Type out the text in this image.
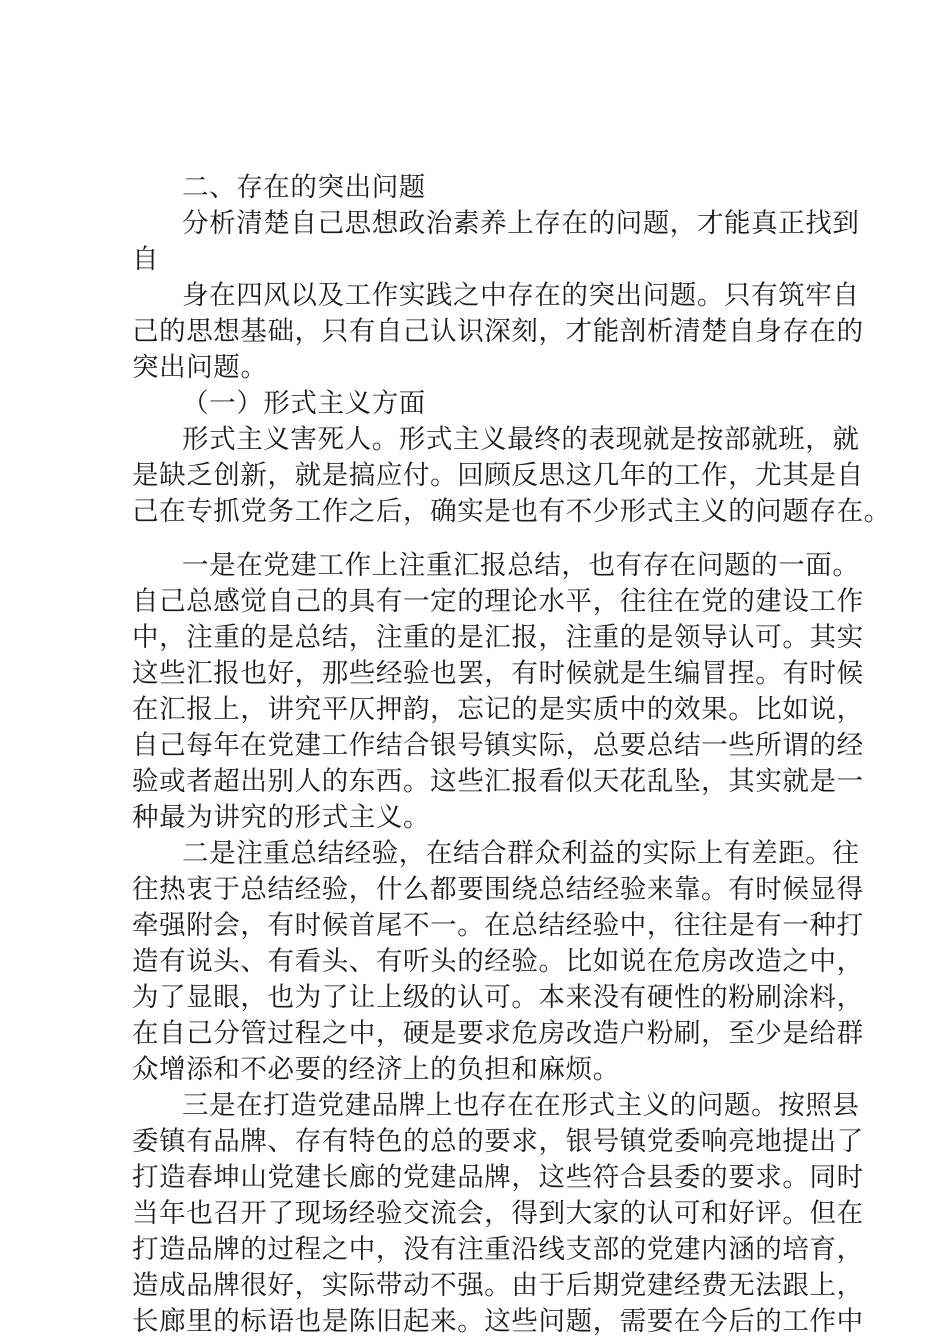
二、存在的突出问题
分析清楚自己思想政治素养上存在的问题，才能真正找到
自
身在四风以及工作实践之中存在的突出问题。只有筑牢自
己的思想基础，只有自己认识深刻，才能剖析清楚自身存在的
突出问题。
（一）形式主义方面
形式主义害死人。形式主义最终的表现就是按部就班，就
是缺乏创新，就是搞应付。回顾反思这几年的工作，尤其是自
己在专抓党务工作之后，确实是也有不少形式主义的问题存在。
一是在党建工作上注重汇报总结，也有存在问题的一面。
自己总感觉自己的具有一定的理论水平，往往在党的建设工作
中，注重的是总结，注重的是汇报，注重的是领导认可。其实
这些汇报也好，那些经验也罢，有时候就是生编冒捏。有时候
在汇报上，讲究平仄押韵，忘记的是实质中的效果。比如说，
自己每年在党建工作结合银号镇实际，总要总结一些所谓的经
验或者超出别人的东西。这些汇报看似天花乱坠，其实就是一
种最为讲究的形式主义。
二是注重总结经验，在结合群众利益的实际上有差距。往
往热衷于总结经验，什么都要围绕总结经验来靠。有时候显得
牵强附会，有时候首尾不一。在总结经验中，往往是有一种打
造有说头、有看头、有听头的经验。比如说在危房改造之中，
为了显眼，也为了让上级的认可。本来没有硬性的粉刷涂料，
在自己分管过程之中，硬是要求危房改造户粉刷，至少是给群
众增添和不必要的经济上的负担和麻烦。
三是在打造党建品牌上也存在在形式主义的问题。按照县
委镇有品牌、存有特色的总的要求，银号镇党委响亮地提出了
打造春坤山党建长廊的党建品牌，这些符合县委的要求。同时
当年也召开了现场经验交流会，得到大家的认可和好评。但在
打造品牌的过程之中，没有注重沿线支部的党建内涵的培育，
造成品牌很好，实际带动不强。由于后期党建经费无法跟上，
长廊里的标语也是陈旧起来。这些问题，需要在今后的工作中
